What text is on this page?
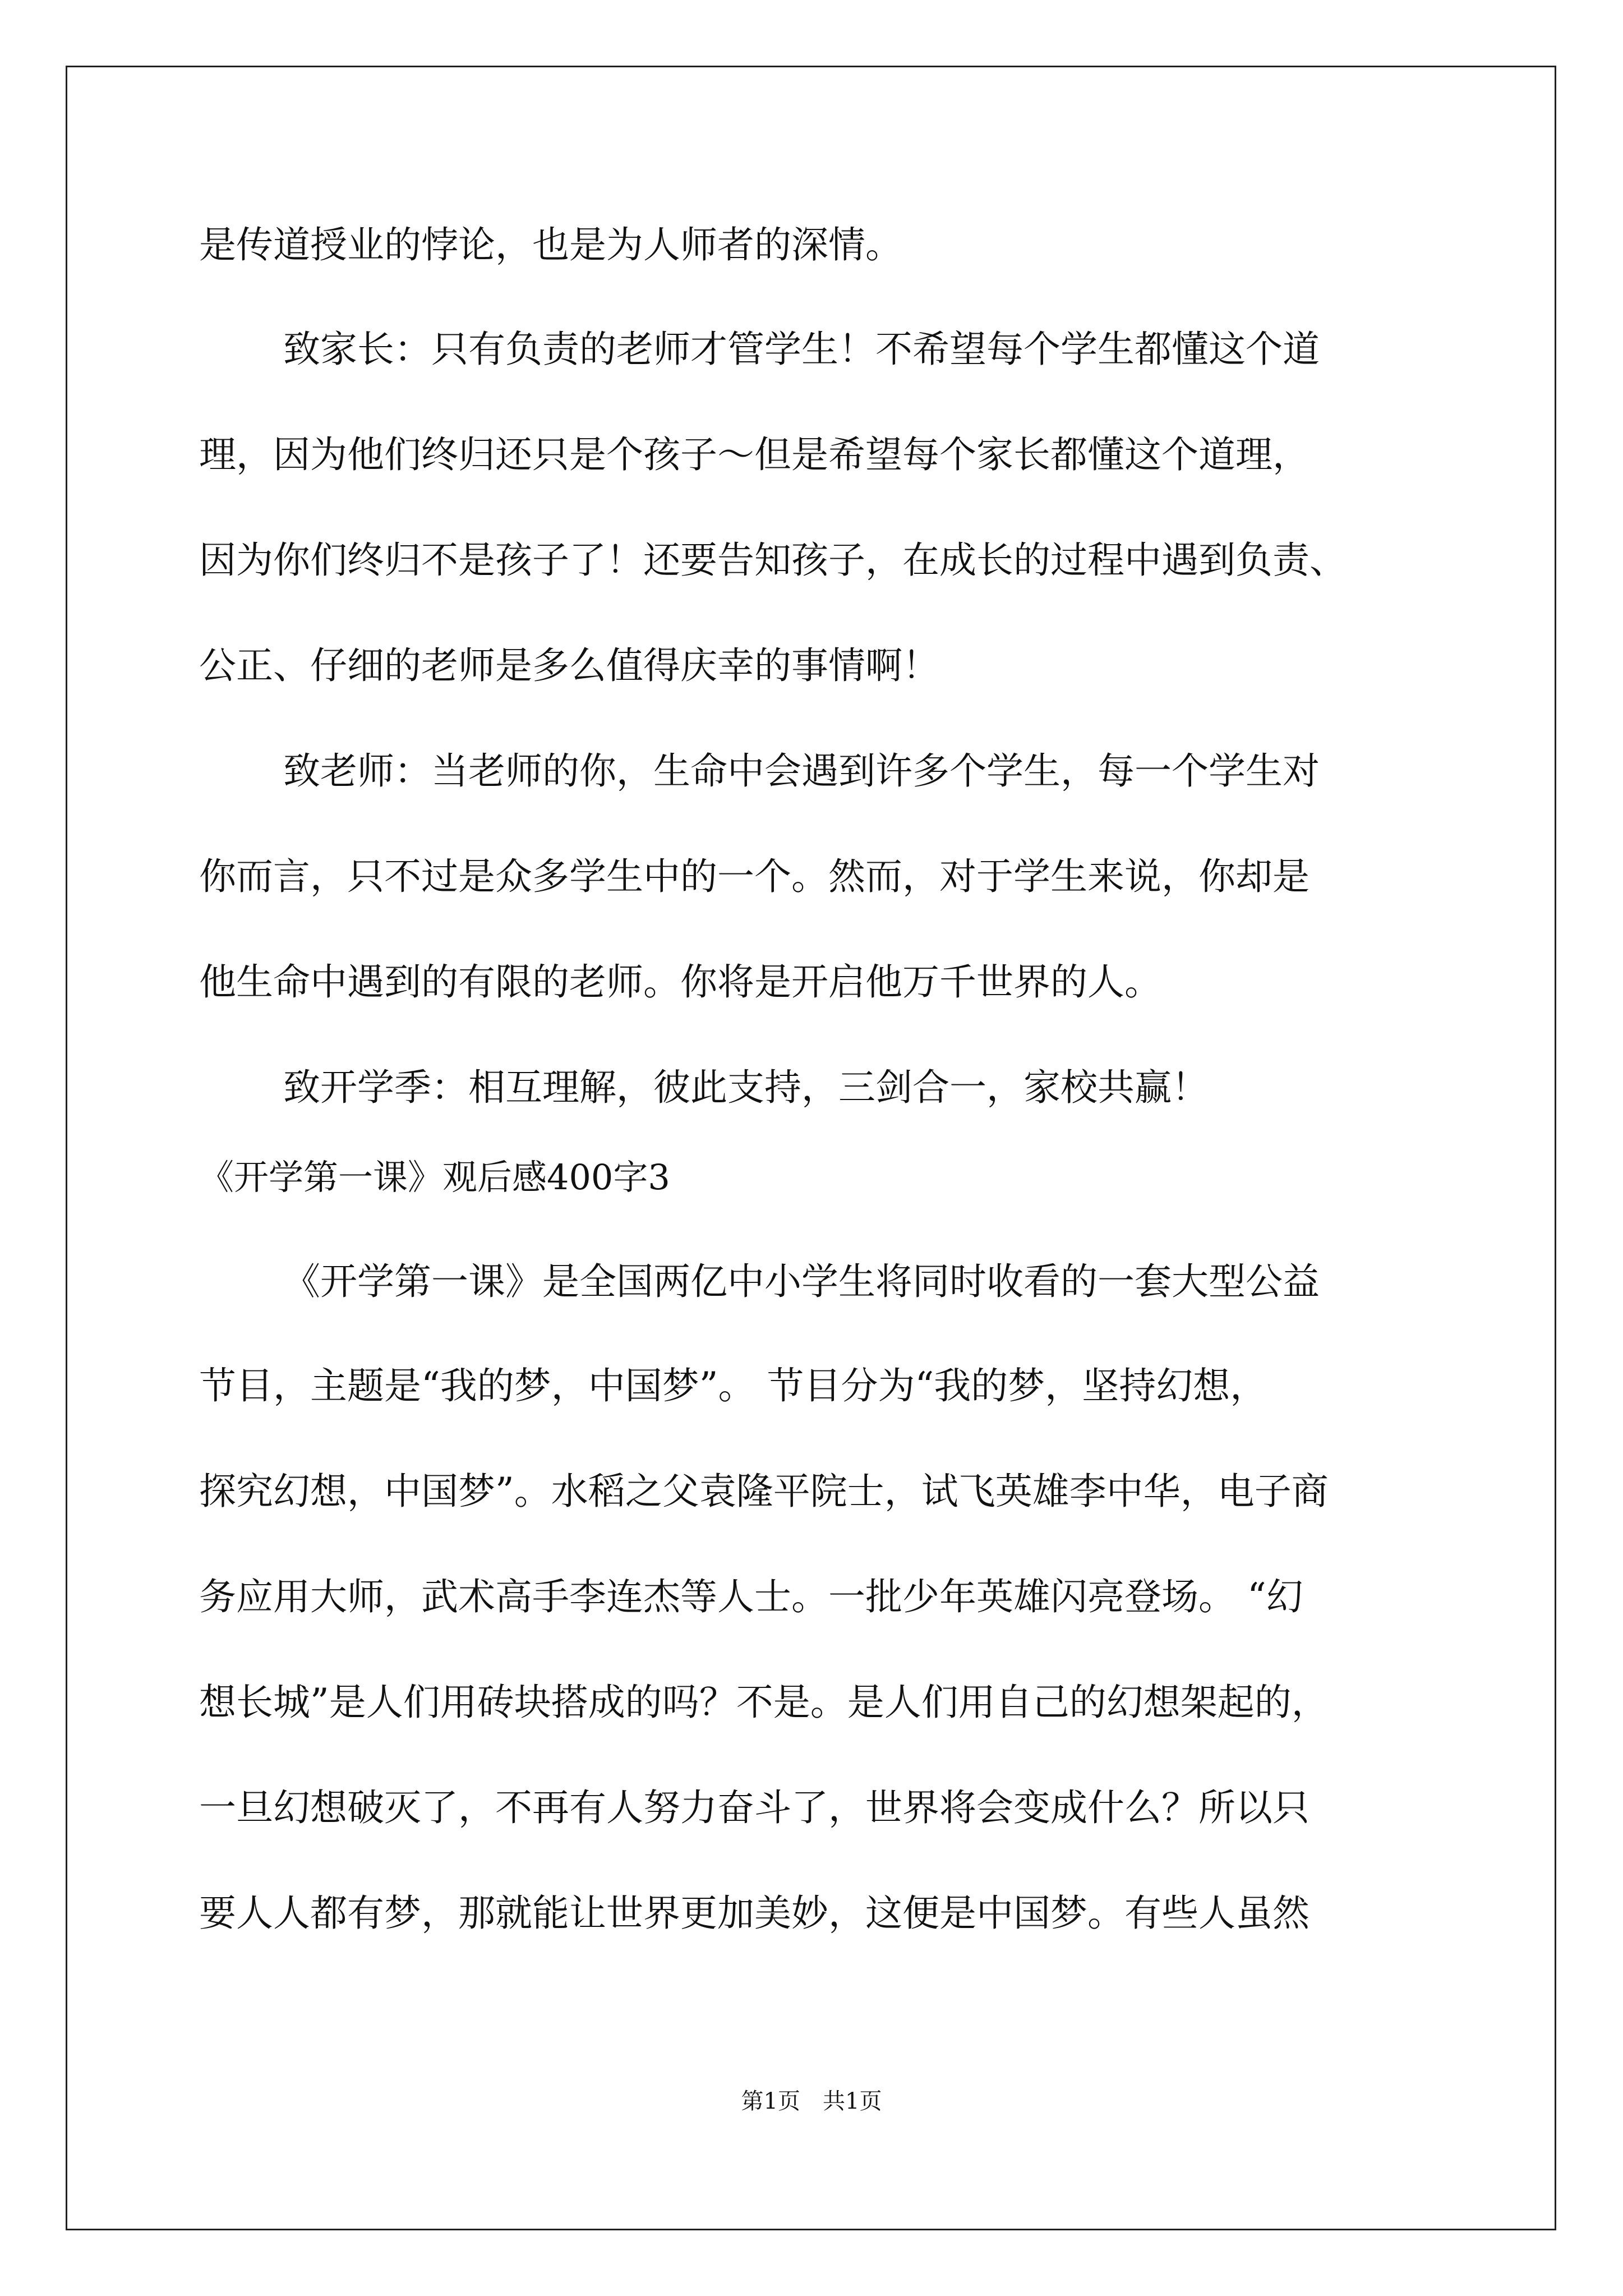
是传道授业的悖论，也是为人师者的深情。
致家长：只有负责的老师才管学生！不希望每个学生都懂这个道
理，因为他们终归还只是个孩子～但是希望每个家长都懂这个道理，
因为你们终归不是孩子了！还要告知孩子，在成长的过程中遇到负责、
公正、仔细的老师是多么值得庆幸的事情啊！
致老师：当老师的你，生命中会遇到许多个学生，每一个学生对
你而言，只不过是众多学生中的一个。然而，对于学生来说，你却是
他生命中遇到的有限的老师。你将是开启他万千世界的人。
致开学季：相互理解，彼此支持，三剑合一，家校共赢！
《开学第一课》观后感400字3
《开学第一课》是全国两亿中小学生将同时收看的一套大型公益
节目，主题是“我的梦，中国梦”。 节目分为“我的梦，坚持幻想，
探究幻想，中国梦”。水稻之父袁隆平院士，试飞英雄李中华，电子商
务应用大师，武术高手李连杰等人士。一批少年英雄闪亮登场。 “幻
想长城”是人们用砖块搭成的吗？不是。是人们用自己的幻想架起的，
一旦幻想破灭了，不再有人努力奋斗了，世界将会变成什么？所以只
要人人都有梦，那就能让世界更加美妙，这便是中国梦。有些人虽然
第1页　共1页
